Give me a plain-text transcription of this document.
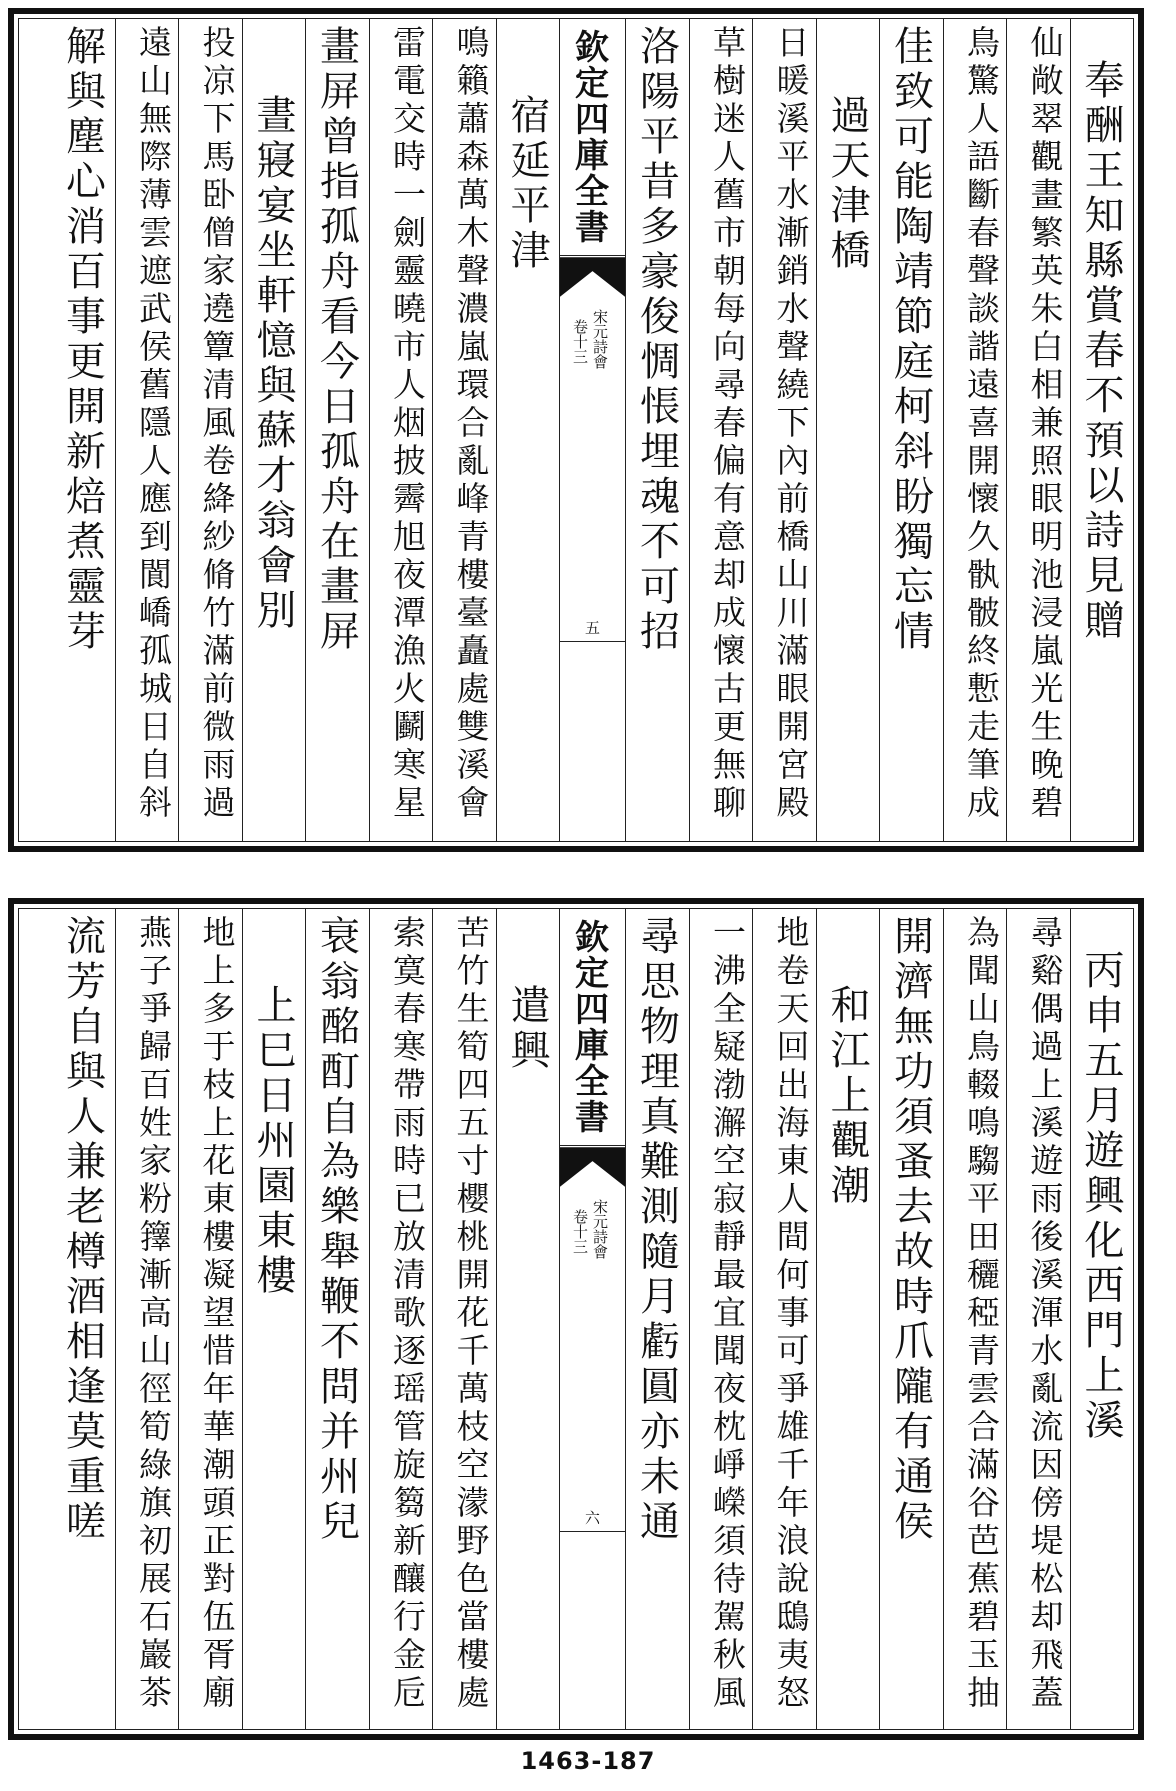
奉酬王知縣賞春不預以詩見贈
仙敞翠觀畫繁英朱白相兼照眼明池浸嵐光生晚碧
鳥驚人語斷春聲談諧遠喜開懷久骫骳終慙走筆成
佳致可能陶靖節庭柯斜盼獨忘情
過天津橋
日暖溪平水漸銷水聲繞下內前橋山川滿眼開宮殿
草樹迷人舊市朝每向尋春偏有意却成懷古更無聊
洛陽平昔多豪俊惆悵埋魂不可招
欽定四庫全書
宋元詩會
卷十三
五
宿延平津
鳴籟蕭森萬木聲濃嵐環合亂峰青樓臺矗處雙溪會
雷電交時一劍靈曉市人烟披霽旭夜潭漁火鬬寒星
畫屏曾指孤舟看今日孤舟在畫屏
晝寢宴坐軒憶與蘇才翁會別
投凉下馬卧僧家遶簟清風卷絳紗脩竹滿前微雨過
遠山無際薄雲遮武侯舊隱人應到閬嶠孤城日自斜
解與塵心消百事更開新焙煮靈芽
丙申五月遊興化西門上溪
尋谿偶過上溪遊雨後溪渾水亂流因傍堤松却飛蓋
為聞山鳥輟鳴騶平田穲稏青雲合滿谷芭蕉碧玉抽
開濟無功須蚤去故時爪隴有通侯
和江上觀潮
地卷天回出海東人間何事可爭雄千年浪說鴟夷怒
一沸全疑渤澥空寂靜最宜聞夜枕崢嶸須待駕秋風
尋思物理真難測隨月虧圓亦未通
欽定四庫全書
宋元詩會
卷十三
六
遣興
苦竹生筍四五寸櫻桃開花千萬枝空濛野色當樓處
索寞春寒帶雨時已放清歌逐瑶管旋篘新釀行金卮
衰翁酩酊自為樂舉鞭不問并州兒
上巳日州園東樓
地上多于枝上花東樓凝望惜年華潮頭正對伍胥廟
燕子爭歸百姓家粉籜漸高山徑筍綠旗初展石巖茶
流芳自與人兼老樽酒相逢莫重嗟
1463-187
